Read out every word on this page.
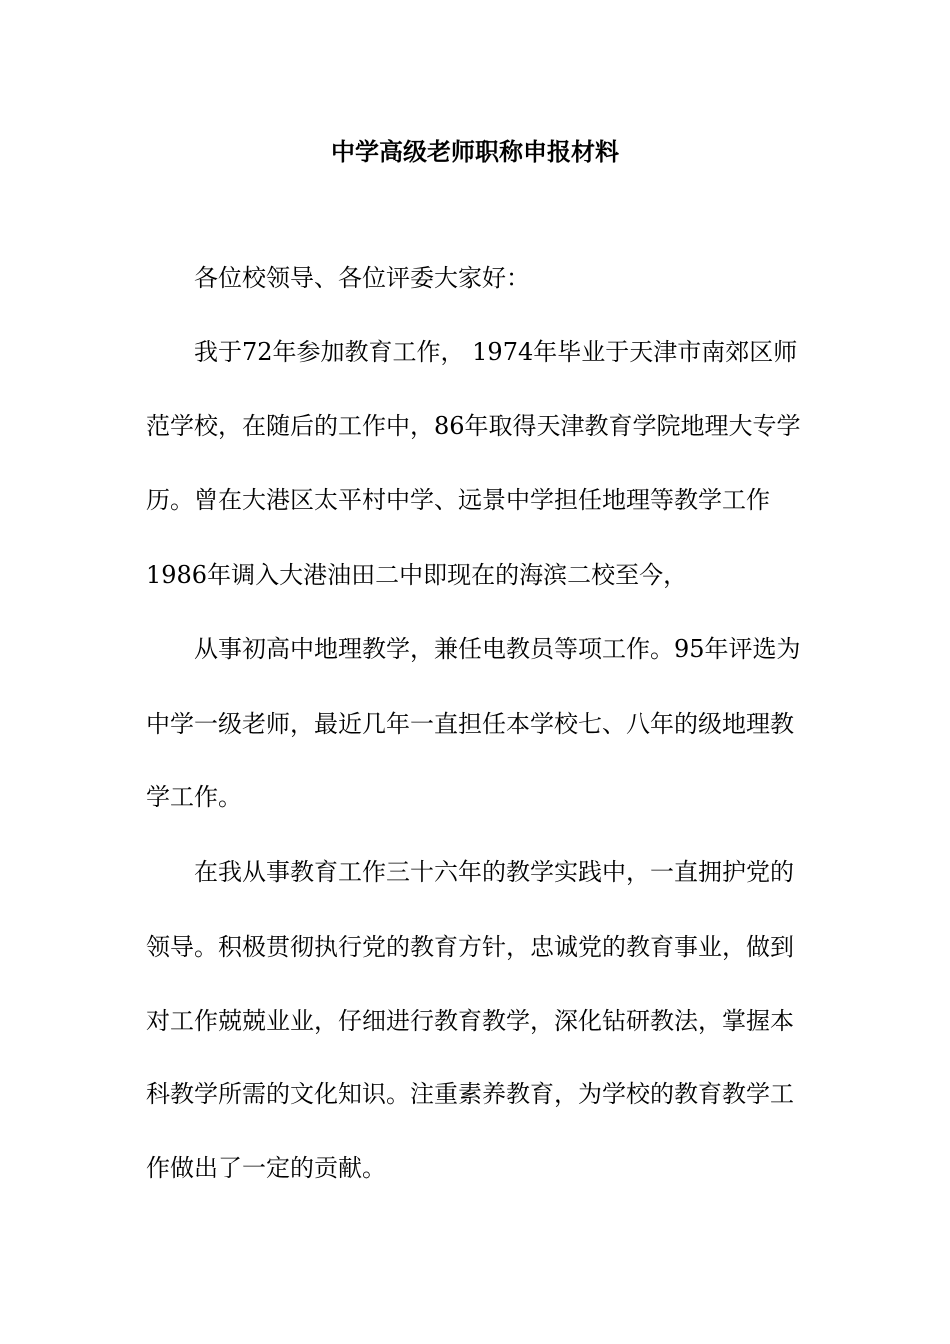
中学高级老师职称申报材料

各位校领导、各位评委大家好：

我于72年参加教育工作， 1974年毕业于天津市南郊区师

范学校，在随后的工作中，86年取得天津教育学院地理大专学

历。曾在大港区太平村中学、远景中学担任地理等教学工作

1986年调入大港油田二中即现在的海滨二校至今，

从事初高中地理教学，兼任电教员等项工作。95年评选为

中学一级老师，最近几年一直担任本学校七、八年的级地理教

学工作。

在我从事教育工作三十六年的教学实践中，一直拥护党的

领导。积极贯彻执行党的教育方针，忠诚党的教育事业，做到

对工作兢兢业业，仔细进行教育教学，深化钻研教法，掌握本

科教学所需的文化知识。注重素养教育，为学校的教育教学工

作做出了一定的贡献。
